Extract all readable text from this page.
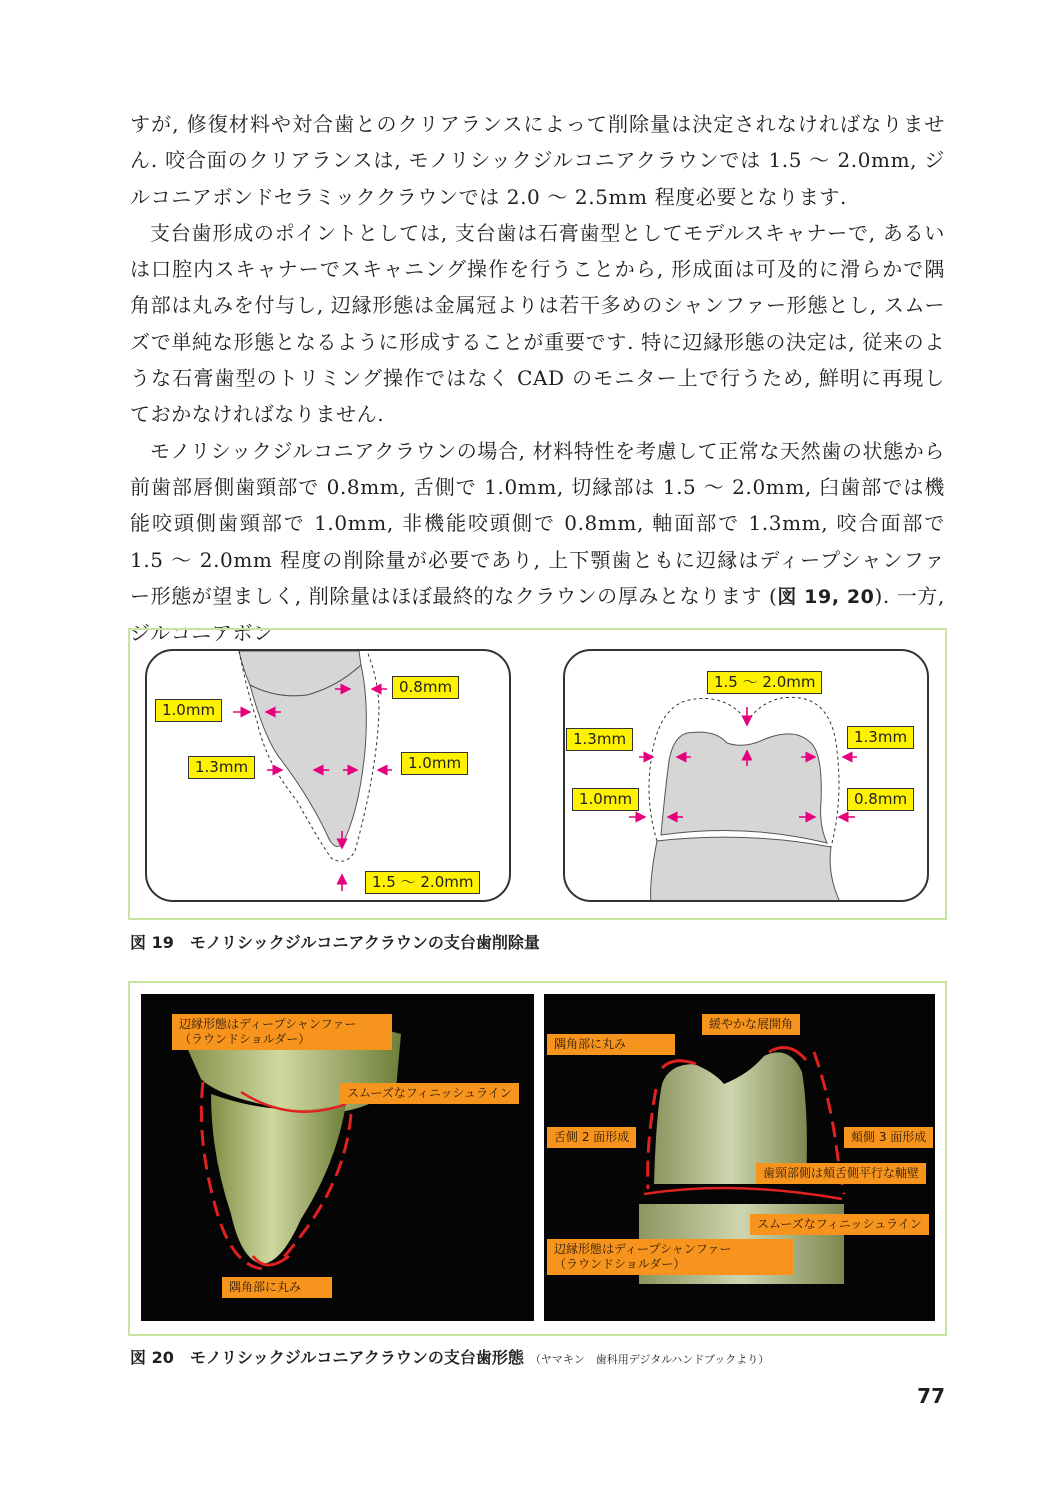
すが, 修復材料や対合歯とのクリアランスによって削除量は決定されなければなりません. 咬合面のクリアランスは, モノリシックジルコニアクラウンでは 1.5 ～ 2.0mm, ジルコニアボンドセラミッククラウンでは 2.0 ～ 2.5mm 程度必要となります.

支台歯形成のポイントとしては, 支台歯は石膏歯型としてモデルスキャナーで, あるいは口腔内スキャナーでスキャニング操作を行うことから, 形成面は可及的に滑らかで隅角部は丸みを付与し, 辺縁形態は金属冠よりは若干多めのシャンファー形態とし, スムーズで単純な形態となるように形成することが重要です. 特に辺縁形態の決定は, 従来のような石膏歯型のトリミング操作ではなく CAD のモニター上で行うため, 鮮明に再現しておかなければなりません.

モノリシックジルコニアクラウンの場合, 材料特性を考慮して正常な天然歯の状態から前歯部唇側歯頸部で 0.8mm, 舌側で 1.0mm, 切縁部は 1.5 ～ 2.0mm, 臼歯部では機能咬頭側歯頸部で 1.0mm, 非機能咬頭側で 0.8mm, 軸面部で 1.3mm, 咬合面部で 1.5 ～ 2.0mm 程度の削除量が必要であり, 上下顎歯ともに辺縁はディープシャンファー形態が望ましく, 削除量はほぼ最終的なクラウンの厚みとなります (図 19, 20). 一方, ジルコニアボン

0.8mm
1.0mm
1.3mm	1.0mm
1.5 ～ 2.0mm
1.5 ～ 2.0mm
1.3mm	1.3mm
1.0mm	0.8mm
図 19　モノリシックジルコニアクラウンの支台歯削除量
辺縁形態はディープシャンファー
（ラウンドショルダー）
スムーズなフィニッシュライン
隅角部に丸み
緩やかな展開角
隅角部に丸み
舌側 2 面形成	頬側 3 面形成
歯頸部側は頬舌側平行な軸壁
スムーズなフィニッシュライン
辺縁形態はディープシャンファー
（ラウンドショルダー）
図 20　モノリシックジルコニアクラウンの支台歯形態 （ヤマキン　歯科用デジタルハンドブックより）
77
